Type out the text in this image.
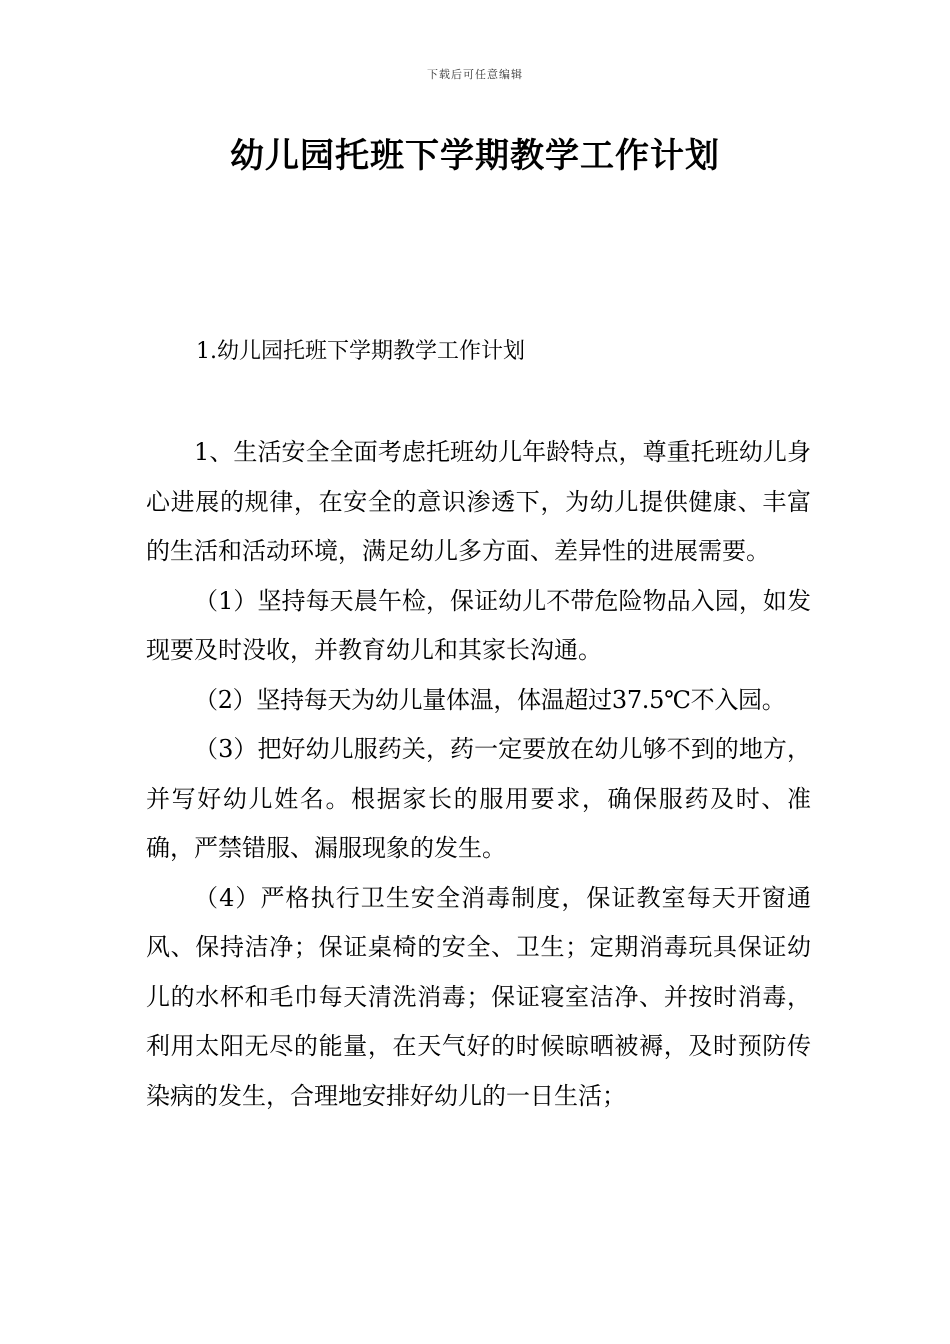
下载后可任意编辑
幼儿园托班下学期教学工作计划
1.幼儿园托班下学期教学工作计划

1、生活安全全面考虑托班幼儿年龄特点，尊重托班幼儿身心进展的规律，在安全的意识渗透下，为幼儿提供健康、丰富的生活和活动环境，满足幼儿多方面、差异性的进展需要。

（1）坚持每天晨午检，保证幼儿不带危险物品入园，如发现要及时没收，并教育幼儿和其家长沟通。

（2）坚持每天为幼儿量体温，体温超过37.5℃不入园。

（3）把好幼儿服药关，药一定要放在幼儿够不到的地方，并写好幼儿姓名。根据家长的服用要求，确保服药及时、准确，严禁错服、漏服现象的发生。

（4）严格执行卫生安全消毒制度，保证教室每天开窗通风、保持洁净；保证桌椅的安全、卫生；定期消毒玩具保证幼儿的水杯和毛巾每天清洗消毒；保证寝室洁净、并按时消毒，利用太阳无尽的能量，在天气好的时候晾晒被褥，及时预防传染病的发生，合理地安排好幼儿的一日生活；
